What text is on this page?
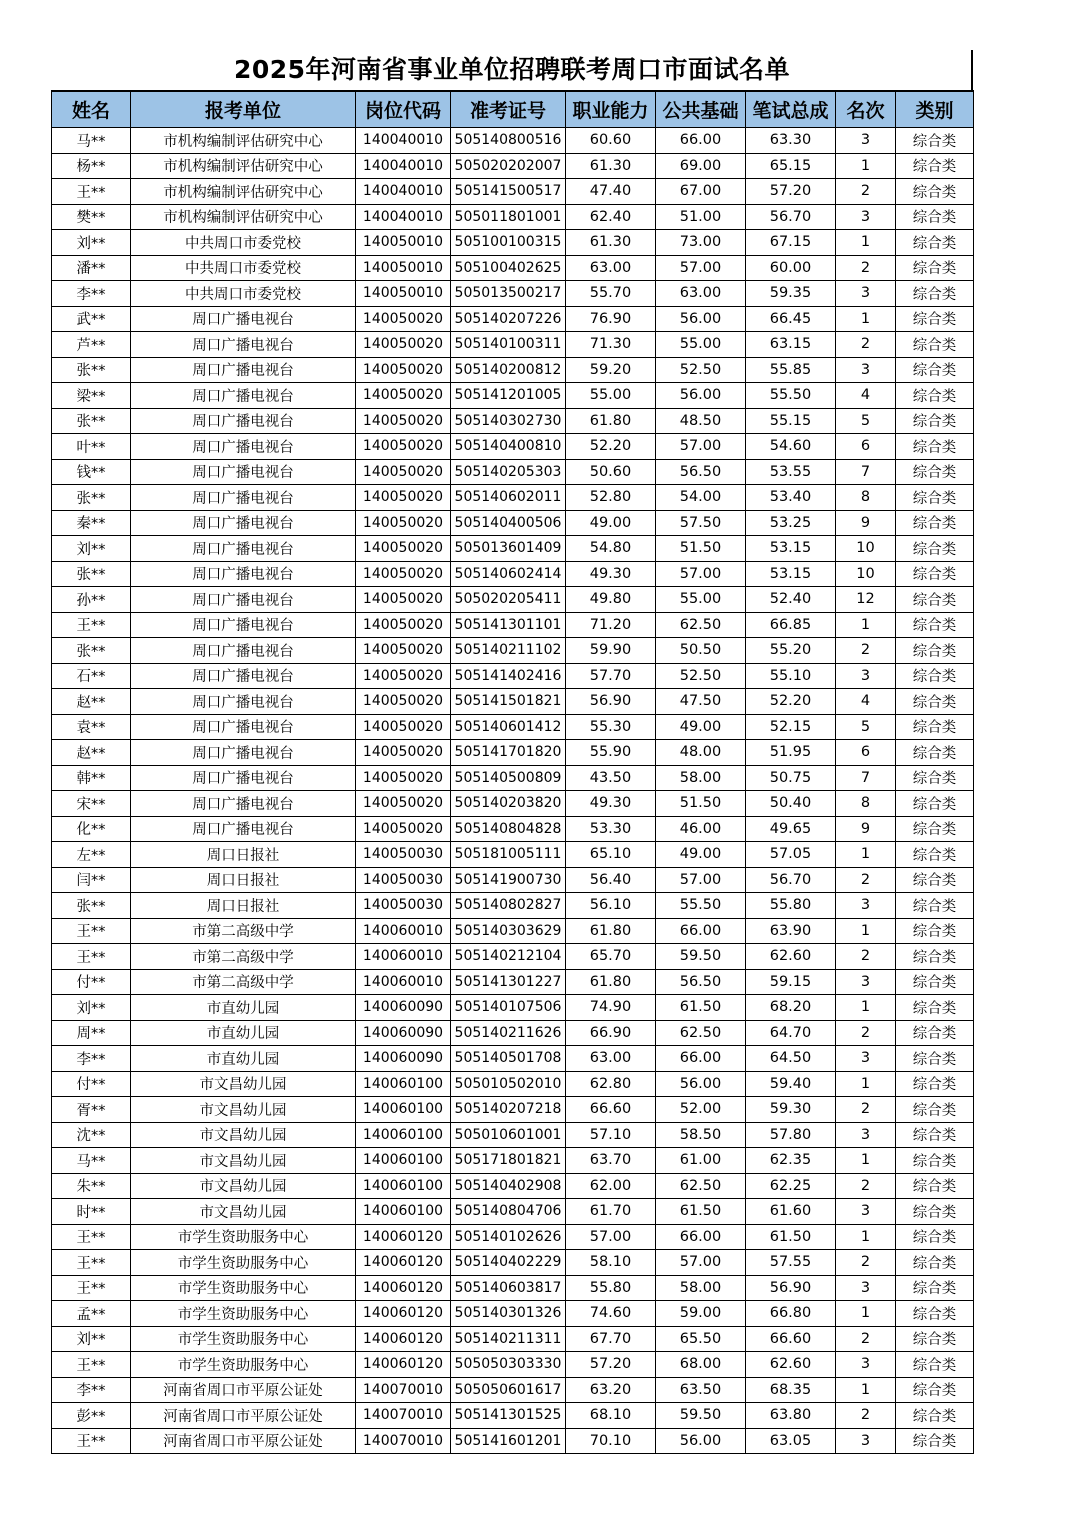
2025年河南省事业单位招聘联考周口市面试名单
姓名	报考单位	岗位代码	准考证号	职业能力	公共基础	笔试总成	名次	类别
马**	市机构编制评估研究中心	140040010	505140800516	60.60	66.00	63.30	3	综合类
杨**	市机构编制评估研究中心	140040010	505020202007	61.30	69.00	65.15	1	综合类
王**	市机构编制评估研究中心	140040010	505141500517	47.40	67.00	57.20	2	综合类
樊**	市机构编制评估研究中心	140040010	505011801001	62.40	51.00	56.70	3	综合类
刘**	中共周口市委党校	140050010	505100100315	61.30	73.00	67.15	1	综合类
潘**	中共周口市委党校	140050010	505100402625	63.00	57.00	60.00	2	综合类
李**	中共周口市委党校	140050010	505013500217	55.70	63.00	59.35	3	综合类
武**	周口广播电视台	140050020	505140207226	76.90	56.00	66.45	1	综合类
芦**	周口广播电视台	140050020	505140100311	71.30	55.00	63.15	2	综合类
张**	周口广播电视台	140050020	505140200812	59.20	52.50	55.85	3	综合类
梁**	周口广播电视台	140050020	505141201005	55.00	56.00	55.50	4	综合类
张**	周口广播电视台	140050020	505140302730	61.80	48.50	55.15	5	综合类
叶**	周口广播电视台	140050020	505140400810	52.20	57.00	54.60	6	综合类
钱**	周口广播电视台	140050020	505140205303	50.60	56.50	53.55	7	综合类
张**	周口广播电视台	140050020	505140602011	52.80	54.00	53.40	8	综合类
秦**	周口广播电视台	140050020	505140400506	49.00	57.50	53.25	9	综合类
刘**	周口广播电视台	140050020	505013601409	54.80	51.50	53.15	10	综合类
张**	周口广播电视台	140050020	505140602414	49.30	57.00	53.15	10	综合类
孙**	周口广播电视台	140050020	505020205411	49.80	55.00	52.40	12	综合类
王**	周口广播电视台	140050020	505141301101	71.20	62.50	66.85	1	综合类
张**	周口广播电视台	140050020	505140211102	59.90	50.50	55.20	2	综合类
石**	周口广播电视台	140050020	505141402416	57.70	52.50	55.10	3	综合类
赵**	周口广播电视台	140050020	505141501821	56.90	47.50	52.20	4	综合类
袁**	周口广播电视台	140050020	505140601412	55.30	49.00	52.15	5	综合类
赵**	周口广播电视台	140050020	505141701820	55.90	48.00	51.95	6	综合类
韩**	周口广播电视台	140050020	505140500809	43.50	58.00	50.75	7	综合类
宋**	周口广播电视台	140050020	505140203820	49.30	51.50	50.40	8	综合类
化**	周口广播电视台	140050020	505140804828	53.30	46.00	49.65	9	综合类
左**	周口日报社	140050030	505181005111	65.10	49.00	57.05	1	综合类
闫**	周口日报社	140050030	505141900730	56.40	57.00	56.70	2	综合类
张**	周口日报社	140050030	505140802827	56.10	55.50	55.80	3	综合类
王**	市第二高级中学	140060010	505140303629	61.80	66.00	63.90	1	综合类
王**	市第二高级中学	140060010	505140212104	65.70	59.50	62.60	2	综合类
付**	市第二高级中学	140060010	505141301227	61.80	56.50	59.15	3	综合类
刘**	市直幼儿园	140060090	505140107506	74.90	61.50	68.20	1	综合类
周**	市直幼儿园	140060090	505140211626	66.90	62.50	64.70	2	综合类
李**	市直幼儿园	140060090	505140501708	63.00	66.00	64.50	3	综合类
付**	市文昌幼儿园	140060100	505010502010	62.80	56.00	59.40	1	综合类
胥**	市文昌幼儿园	140060100	505140207218	66.60	52.00	59.30	2	综合类
沈**	市文昌幼儿园	140060100	505010601001	57.10	58.50	57.80	3	综合类
马**	市文昌幼儿园	140060100	505171801821	63.70	61.00	62.35	1	综合类
朱**	市文昌幼儿园	140060100	505140402908	62.00	62.50	62.25	2	综合类
时**	市文昌幼儿园	140060100	505140804706	61.70	61.50	61.60	3	综合类
王**	市学生资助服务中心	140060120	505140102626	57.00	66.00	61.50	1	综合类
王**	市学生资助服务中心	140060120	505140402229	58.10	57.00	57.55	2	综合类
王**	市学生资助服务中心	140060120	505140603817	55.80	58.00	56.90	3	综合类
孟**	市学生资助服务中心	140060120	505140301326	74.60	59.00	66.80	1	综合类
刘**	市学生资助服务中心	140060120	505140211311	67.70	65.50	66.60	2	综合类
王**	市学生资助服务中心	140060120	505050303330	57.20	68.00	62.60	3	综合类
李**	河南省周口市平原公证处	140070010	505050601617	63.20	63.50	68.35	1	综合类
彭**	河南省周口市平原公证处	140070010	505141301525	68.10	59.50	63.80	2	综合类
王**	河南省周口市平原公证处	140070010	505141601201	70.10	56.00	63.05	3	综合类
